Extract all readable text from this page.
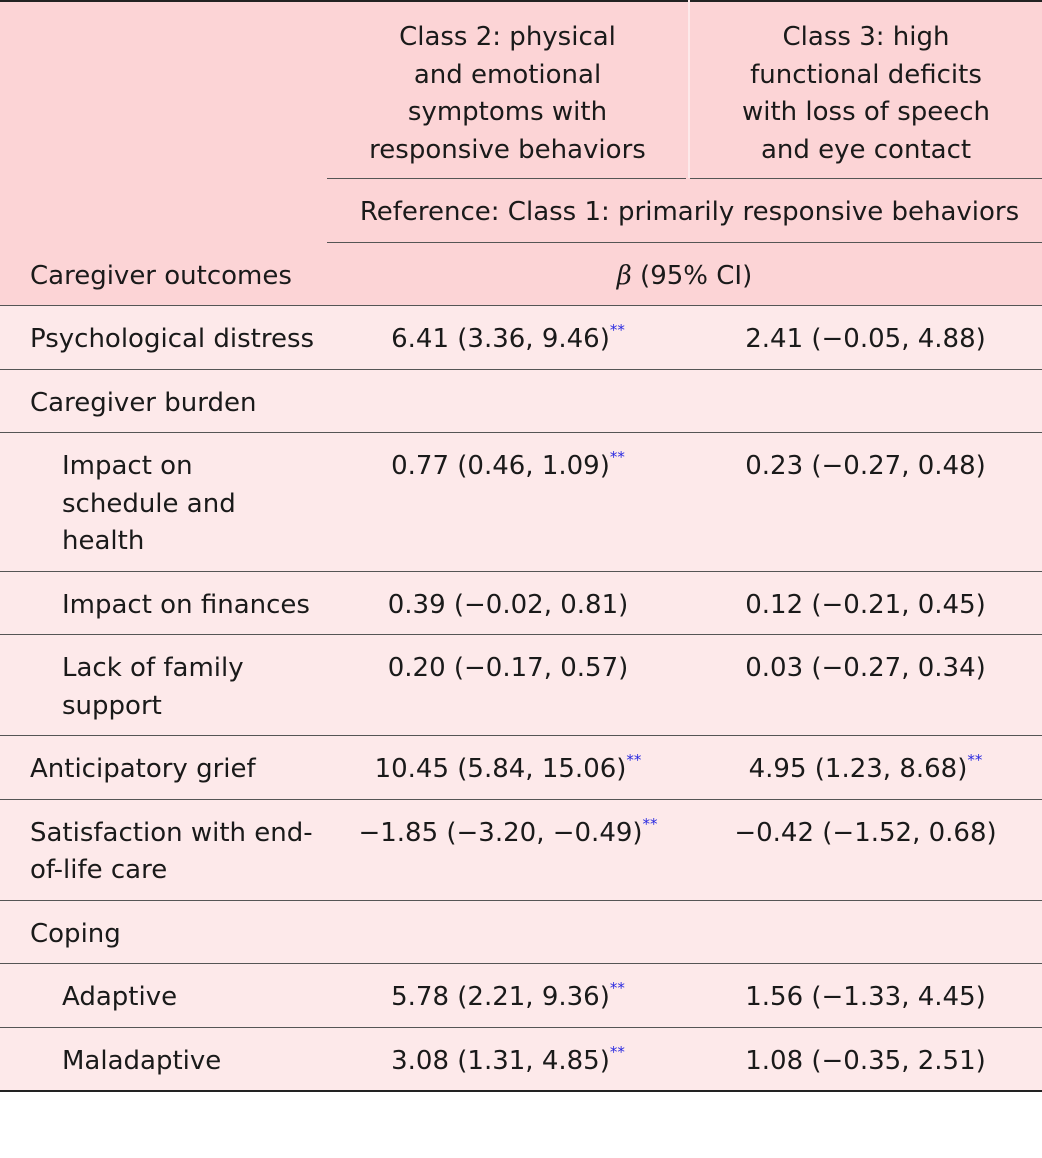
	Class 2: physical
and emotional
symptoms with
responsive behaviors	Class 3: high
functional deficits
with loss of speech
and eye contact

	Reference: Class 1: primarily responsive behaviors	

Caregiver outcomes	β (95% CI)	
Psychological distress	6.41 (3.36, 9.46)**	2.41 (−0.05, 4.88)
Caregiver burden		
Impact on schedule and health	0.77 (0.46, 1.09)**	0.23 (−0.27, 0.48)
Impact on finances	0.39 (−0.02, 0.81)	0.12 (−0.21, 0.45)
Lack of family support	0.20 (−0.17, 0.57)	0.03 (−0.27, 0.34)
Anticipatory grief	10.45 (5.84, 15.06)**	4.95 (1.23, 8.68)**
Satisfaction with end-of-life care	−1.85 (−3.20, −0.49)**	−0.42 (−1.52, 0.68)
Coping		
Adaptive	5.78 (2.21, 9.36)**	1.56 (−1.33, 4.45)
Maladaptive	3.08 (1.31, 4.85)**	1.08 (−0.35, 2.51)
